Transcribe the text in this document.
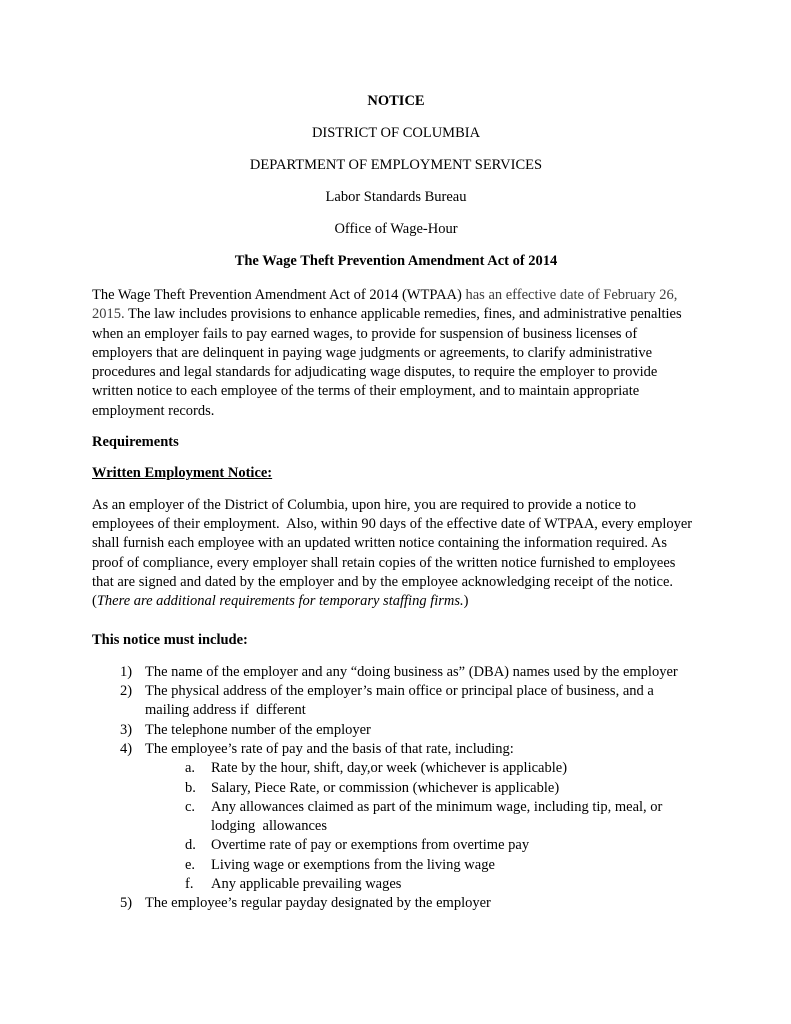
NOTICE

DISTRICT OF COLUMBIA

DEPARTMENT OF EMPLOYMENT SERVICES

Labor Standards Bureau

Office of Wage-Hour

The Wage Theft Prevention Amendment Act of 2014

The Wage Theft Prevention Amendment Act of 2014 (WTPAA) has an effective date of February 26, 2015. The law includes provisions to enhance applicable remedies, fines, and administrative penalties when an employer fails to pay earned wages, to provide for suspension of business licenses of employers that are delinquent in paying wage judgments or agreements, to clarify administrative procedures and legal standards for adjudicating wage disputes, to require the employer to provide written notice to each employee of the terms of their employment, and to maintain appropriate employment records.

Requirements
Written Employment Notice:

As an employer of the District of Columbia, upon hire, you are required to provide a notice to employees of their employment.  Also, within 90 days of the effective date of WTPAA, every employer shall furnish each employee with an updated written notice containing the information required. As proof of compliance, every employer shall retain copies of the written notice furnished to employees  that are signed and dated by the employer and by the employee acknowledging receipt of the notice. (There are additional requirements for temporary staffing firms.)

This notice must include:
1) The name of the employer and any “doing business as” (DBA) names used by the employer
2) The physical address of the employer’s main office or principal place of business, and a mailing address if  different
3) The telephone number of the employer
4) The employee’s rate of pay and the basis of that rate, including:
a.	Rate by the hour, shift, day,or week (whichever is applicable)
b.	Salary, Piece Rate, or commission (whichever is applicable)
c.	Any allowances claimed as part of the minimum wage, including tip, meal, or lodging  allowances
d.	Overtime rate of pay or exemptions from overtime pay
e.	Living wage or exemptions from the living wage
f.	Any applicable prevailing wages
5) The employee’s regular payday designated by the employer
